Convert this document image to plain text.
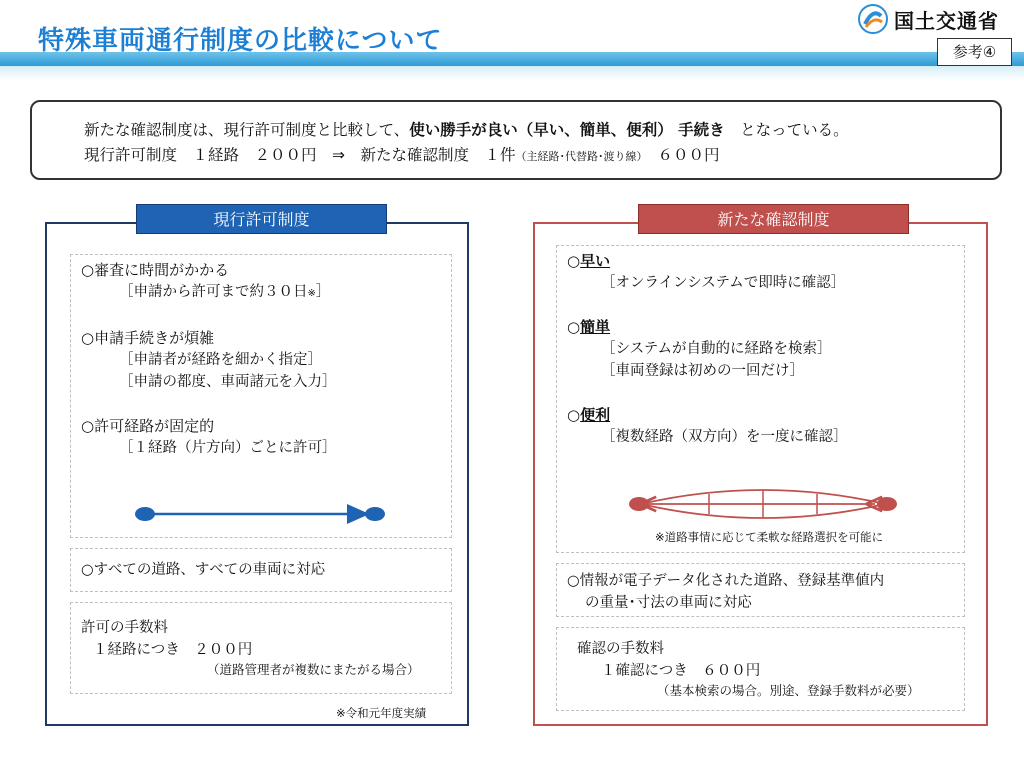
特殊車両通行制度の比較について
国土交通省
参考④
新たな確認制度は、現行許可制度と比較して、使い勝手が良い（早い、簡単、便利） 手続き　 となっている。
現行許可制度　１経路　２００円　⇒　新たな確認制度　１件（主経路･代替路･渡り線）　 ６００円
現行許可制度
○審査に時間がかかる
［申請から許可まで約３０日※］
○申請手続きが煩雑
［申請者が経路を細かく指定］
［申請の都度、車両諸元を入力］
○許可経路が固定的
［１経路（片方向）ごとに許可］
○すべての道路、すべての車両に対応
許可の手数料
１経路につき　２００円
（道路管理者が複数にまたがる場合）
※令和元年度実績
新たな確認制度
○早い
［オンラインシステムで即時に確認］
○簡単
［システムが自動的に経路を検索］
［車両登録は初めの一回だけ］
○便利
［複数経路（双方向）を一度に確認］
※道路事情に応じて柔軟な経路選択を可能に
○情報が電子データ化された道路、登録基準値内
の重量･寸法の車両に対応
確認の手数料
１確認につき　６００円
（基本検索の場合。別途、登録手数料が必要）
